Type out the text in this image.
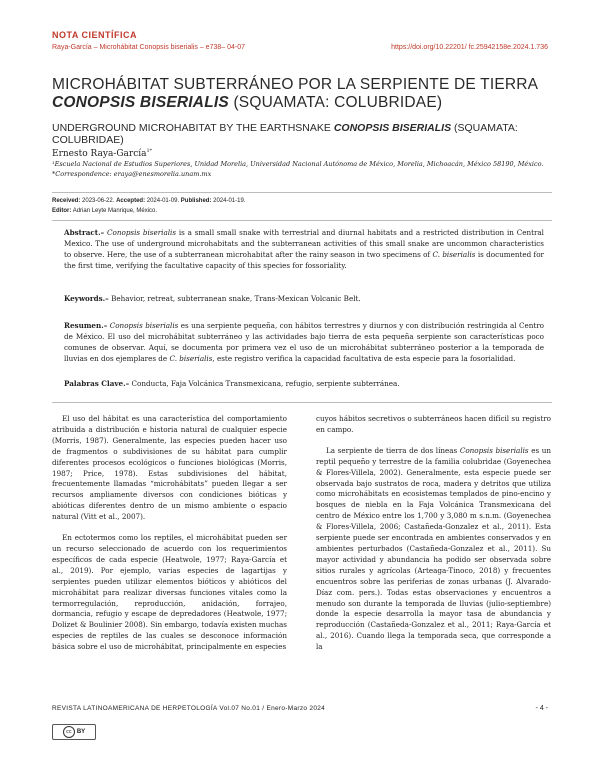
NOTA CIENTÍFICA
Raya-García – Microhábitat Conopsis biserialis – e738– 04-07	https://doi.org/10.22201/ fc.25942158e.2024.1.736
MICROHÁBITAT SUBTERRÁNEO POR LA SERPIENTE DE TIERRA CONOPSIS BISERIALIS (SQUAMATA: COLUBRIDAE)
UNDERGROUND MICROHABITAT BY THE EARTHSNAKE CONOPSIS BISERIALIS (SQUAMATA: COLUBRIDAE)
Ernesto Raya-García$^{1*}$
¹Escuela Nacional de Estudios Superiores, Unidad Morelia, Universidad Nacional Autónoma de México, Morelia, Michoacán, México 58190, México.
*Correspondence: eraya@enesmorelia.unam.mx
Received: 2023-06-22. Accepted: 2024-01-09. Published: 2024-01-19.
Editor: Adrian Leyte Manrique, México.
Abstract.– Conopsis biserialis is a small small snake with terrestrial and diurnal habitats and a restricted distribution in Central Mexico. The use of underground microhabitats and the subterranean activities of this small snake are uncommon characteristics to observe. Here, the use of a subterranean microhabitat after the rainy season in two specimens of C. biserialis is documented for the first time, verifying the facultative capacity of this species for fossoriality.
Keywords.– Behavior, retreat, subterranean snake, Trans-Mexican Volcanic Belt.
Resumen.– Conopsis biserialis es una serpiente pequeña, con hábitos terrestres y diurnos y con distribución restringida al Centro de México. El uso del microhábitat subterráneo y las actividades bajo tierra de esta pequeña serpiente son características poco comunes de observar. Aquí, se documenta por primera vez el uso de un microhábitat subterráneo posterior a la temporada de lluvias en dos ejemplares de C. biserialis, este registro verifica la capacidad facultativa de esta especie para la fosorialidad.
Palabras Clave.– Conducta, Faja Volcánica Transmexicana, refugio, serpiente subterránea.

El uso del hábitat es una característica del comportamiento atribuida a distribución e historia natural de cualquier especie (Morris, 1987). Generalmente, las especies pueden hacer uso de fragmentos o subdivisiones de su hábitat para cumplir diferentes procesos ecológicos o funciones biológicas (Morris, 1987; Price, 1978). Estas subdivisiones del hábitat, frecuentemente llamadas “microhábitats” pueden llegar a ser recursos ampliamente diversos con condiciones bióticas y abióticas diferentes dentro de un mismo ambiente o espacio natural (Vitt et al., 2007).

En ectotermos como los reptiles, el microhábitat pueden ser un recurso seleccionado de acuerdo con los requerimientos específicos de cada especie (Heatwole, 1977; Raya-García et al., 2019). Por ejemplo, varias especies de lagartijas y serpientes pueden utilizar elementos bióticos y abióticos del microhábitat para realizar diversas funciones vitales como la termorregulación, reproducción, anidación, forrajeo, dormancia, refugio y escape de depredadores (Heatwole, 1977; Dolizet & Boulinier 2008). Sin embargo, todavía existen muchas especies de reptiles de las cuales se desconoce información básica sobre el uso de microhábitat, principalmente en especies

cuyos hábitos secretivos o subterráneos hacen difícil su registro en campo.

La serpiente de tierra de dos líneas Conopsis biserialis es un reptil pequeño y terrestre de la familia colubridae (Goyenechea & Flores-Villela, 2002). Generalmente, esta especie puede ser observada bajo sustratos de roca, madera y detritos que utiliza como microhábitats en ecosistemas templados de pino-encino y bosques de niebla en la Faja Volcánica Transmexicana del centro de México entre los 1,700 y 3,080 m s.n.m. (Goyenechea & Flores-Villela, 2006; Castañeda-Gonzalez et al., 2011). Esta serpiente puede ser encontrada en ambientes conservados y en ambientes perturbados (Castañeda-Gonzalez et al., 2011). Su mayor actividad y abundancia ha podido ser observada sobre sitios rurales y agrícolas (Arteaga-Tinoco, 2018) y frecuentes encuentros sobre las periferias de zonas urbanas (J. Alvarado-Díaz com. pers.). Todas estas observaciones y encuentros a menudo son durante la temporada de lluvias (julio-septiembre) donde la especie desarrolla la mayor tasa de abundancia y reproducción (Castañeda-Gonzalez et al., 2011; Raya-García et al., 2016). Cuando llega la temporada seca, que corresponde a la

REVISTA LATINOAMERICANA DE HERPETOLOGÍA Vol.07 No.01 / Enero-Marzo 2024	- 4 -
cc BY
